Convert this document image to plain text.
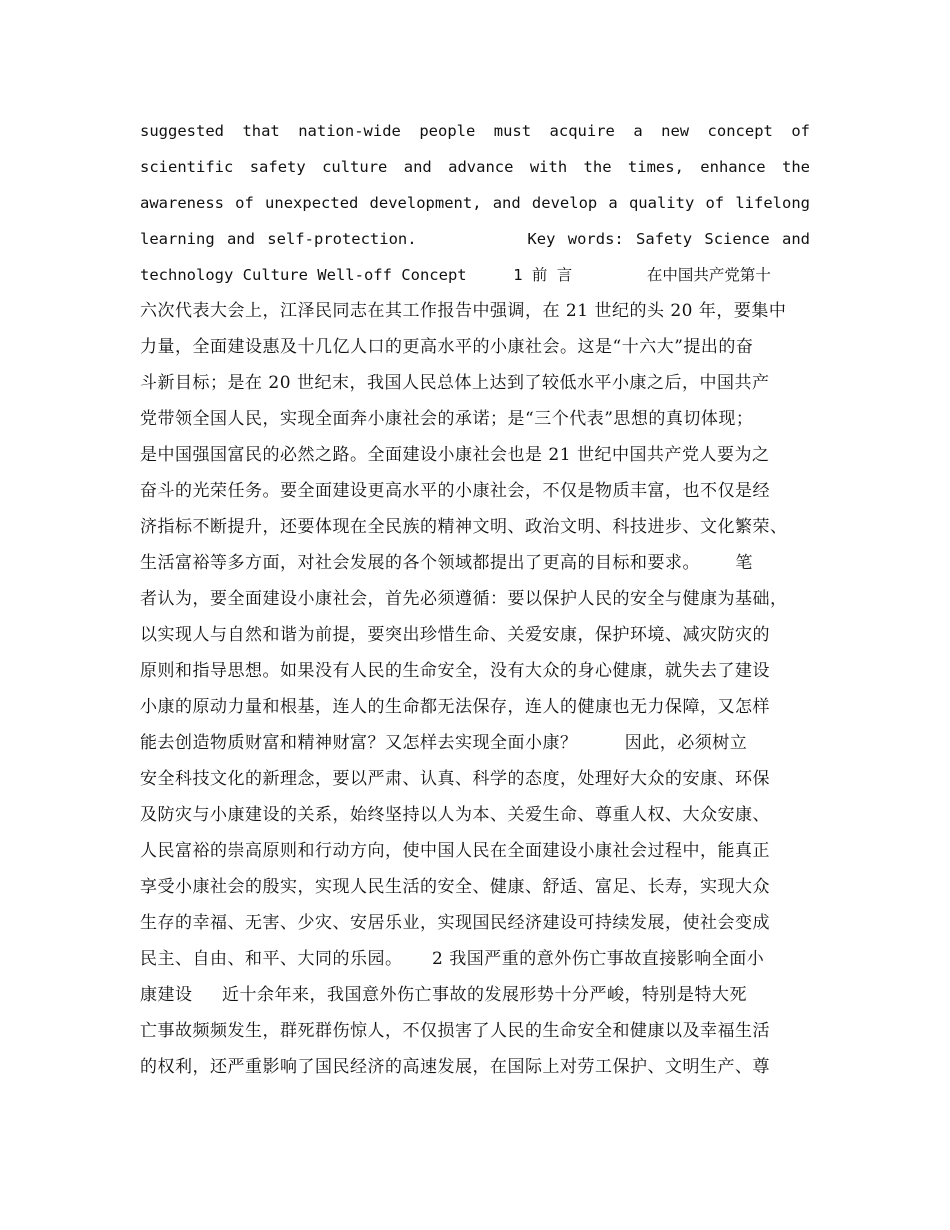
suggested that nation-wide people must acquire a new concept of
scientific safety culture and advance with the times, enhance the
awareness of unexpected development, and develop a quality of lifelong
learning and self-protection.         Key words: Safety Science and
technology Culture Well-off Concept     1 前 言        在中国共产党第十
六次代表大会上，江泽民同志在其工作报告中强调，在 21 世纪的头 20 年，要集中
力量，全面建设惠及十几亿人口的更高水平的小康社会。这是“十六大”提出的奋
斗新目标；是在 20 世纪末，我国人民总体上达到了较低水平小康之后，中国共产
党带领全国人民，实现全面奔小康社会的承诺；是“三个代表”思想的真切体现；
是中国强国富民的必然之路。全面建设小康社会也是 21 世纪中国共产党人要为之
奋斗的光荣任务。要全面建设更高水平的小康社会，不仅是物质丰富，也不仅是经
济指标不断提升，还要体现在全民族的精神文明、政治文明、科技进步、文化繁荣、
生活富裕等多方面，对社会发展的各个领域都提出了更高的目标和要求。      笔
者认为，要全面建设小康社会，首先必须遵循：要以保护人民的安全与健康为基础，
以实现人与自然和谐为前提，要突出珍惜生命、关爱安康，保护环境、减灾防灾的
原则和指导思想。如果没有人民的生命安全，没有大众的身心健康，就失去了建设
小康的原动力量和根基，连人的生命都无法保存，连人的健康也无力保障，又怎样
能去创造物质财富和精神财富？又怎样去实现全面小康？        因此，必须树立
安全科技文化的新理念，要以严肃、认真、科学的态度，处理好大众的安康、环保
及防灾与小康建设的关系，始终坚持以人为本、关爱生命、尊重人权、大众安康、
人民富裕的崇高原则和行动方向，使中国人民在全面建设小康社会过程中，能真正
享受小康社会的殷实，实现人民生活的安全、健康、舒适、富足、长寿，实现大众
生存的幸福、无害、少灾、安居乐业，实现国民经济建设可持续发展，使社会变成
民主、自由、和平、大同的乐园。     2 我国严重的意外伤亡事故直接影响全面小
康建设     近十余年来，我国意外伤亡事故的发展形势十分严峻，特别是特大死
亡事故频频发生，群死群伤惊人，不仅损害了人民的生命安全和健康以及幸福生活
的权利，还严重影响了国民经济的高速发展，在国际上对劳工保护、文明生产、尊
